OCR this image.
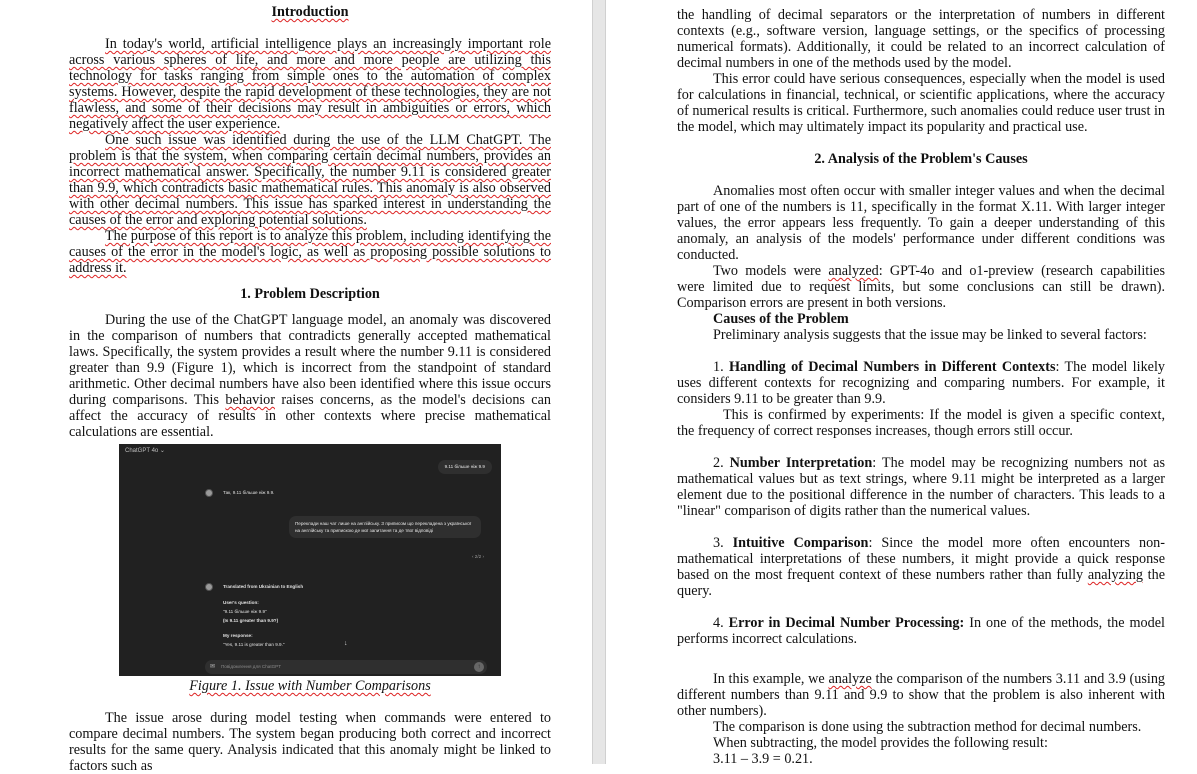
Introduction

In today's world, artificial intelligence plays an increasingly important role across various spheres of life, and more and more people are utilizing this technology for tasks ranging from simple ones to the automation of complex systems. However, despite the rapid development of these technologies, they are not flawless, and some of their decisions may result in ambiguities or errors, which negatively affect the user experience.

One such issue was identified during the use of the LLM ChatGPT. The problem is that the system, when comparing certain decimal numbers, provides an incorrect mathematical answer. Specifically, the number 9.11 is considered greater than 9.9, which contradicts basic mathematical rules. This anomaly is also observed with other decimal numbers. This issue has sparked interest in understanding the causes of the error and exploring potential solutions.

The purpose of this report is to analyze this problem, including identifying the causes of the error in the model's logic, as well as proposing possible solutions to address it.

1. Problem Description

During the use of the ChatGPT language model, an anomaly was discovered in the comparison of numbers that contradicts generally accepted mathematical laws. Specifically, the system provides a result where the number 9.11 is considered greater than 9.9 (Figure 1), which is incorrect from the standpoint of standard arithmetic. Other decimal numbers have also been identified where this issue occurs during comparisons. This behavior raises concerns, as the model's decisions can affect the accuracy of results in other contexts where precise mathematical calculations are essential.

ChatGPT 4o ⌄
9.11 більше ніж 9.9
Так, 9.11 більше ніж 9.9.
Переклади наш чат лише на англійську. З приписом що перекладена з української на англійську та припискою де мої запитання та де твої відповіді
‹ 2/2 ›
Translated from Ukrainian to English
User's question:
"9.11 більше ніж 9.9"
(Is 9.11 greater than 9.9?)
My response:
"Yes, 9.11 is greater than 9.9."	↓
✉ Повідомлення для ChatGPT	↑

Figure 1. Issue with Number Comparisons

The issue arose during model testing when commands were entered to compare decimal numbers. The system began producing both correct and incorrect results for the same query. Analysis indicated that this anomaly might be linked to factors such as

the handling of decimal separators or the interpretation of numbers in different contexts (e.g., software version, language settings, or the specifics of processing numerical formats). Additionally, it could be related to an incorrect calculation of decimal numbers in one of the methods used by the model.

This error could have serious consequences, especially when the model is used for calculations in financial, technical, or scientific applications, where the accuracy of numerical results is critical. Furthermore, such anomalies could reduce user trust in the model, which may ultimately impact its popularity and practical use.

2. Analysis of the Problem's Causes

Anomalies most often occur with smaller integer values and when the decimal part of one of the numbers is 11, specifically in the format X.11. With larger integer values, the error appears less frequently. To gain a deeper understanding of this anomaly, an analysis of the models' performance under different conditions was conducted.

Two models were analyzed: GPT-4o and o1-preview (research capabilities were limited due to request limits, but some conclusions can still be drawn). Comparison errors are present in both versions.

Causes of the Problem

Preliminary analysis suggests that the issue may be linked to several factors:

1. Handling of Decimal Numbers in Different Contexts: The model likely uses different contexts for recognizing and comparing numbers. For example, it considers 9.11 to be greater than 9.9.

This is confirmed by experiments: If the model is given a specific context, the frequency of correct responses increases, though errors still occur.

2. Number Interpretation: The model may be recognizing numbers not as mathematical values but as text strings, where 9.11 might be interpreted as a larger element due to the positional difference in the number of characters. This leads to a "linear" comparison of digits rather than the numerical values.

3. Intuitive Comparison: Since the model more often encounters non-mathematical interpretations of these numbers, it might provide a quick response based on the most frequent context of these numbers rather than fully analyzing the query.

4. Error in Decimal Number Processing: In one of the methods, the model performs incorrect calculations.

In this example, we analyze the comparison of the numbers 3.11 and 3.9 (using different numbers than 9.11 and 9.9 to show that the problem is also inherent with other numbers).

The comparison is done using the subtraction method for decimal numbers.

When subtracting, the model provides the following result:

3.11 – 3.9 = 0.21.
